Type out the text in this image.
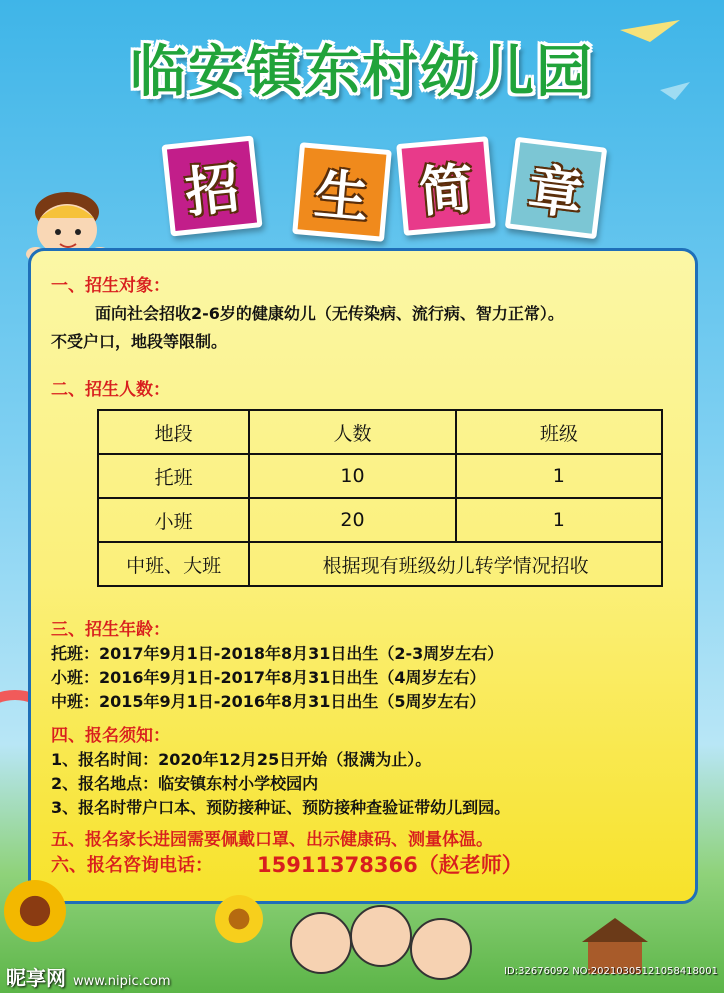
临安镇东村幼儿园
招	生 简 章
一、招生对象：
面向社会招收2-6岁的健康幼儿（无传染病、流行病、智力正常）。
不受户口，地段等限制。
二、招生人数：
地段	人数	班级
托班	10	1
小班	20	1
中班、大班	根据现有班级幼儿转学情况招收	
三、招生年龄：
托班：2017年9月1日-2018年8月31日出生（2-3周岁左右）
小班：2016年9月1日-2017年8月31日出生（4周岁左右）
中班：2015年9月1日-2016年8月31日出生（5周岁左右）
四、报名须知：
1、报名时间：2020年12月25日开始（报满为止）。
2、报名地点：临安镇东村小学校园内
3、报名时带户口本、预防接种证、预防接种查验证带幼儿到园。
五、报名家长进园需要佩戴口罩、出示健康码、测量体温。
六、报名咨询电话： 15911378366（赵老师）
昵享网 www.nipic.com
ID:32676092 NO:20210305121058418001
